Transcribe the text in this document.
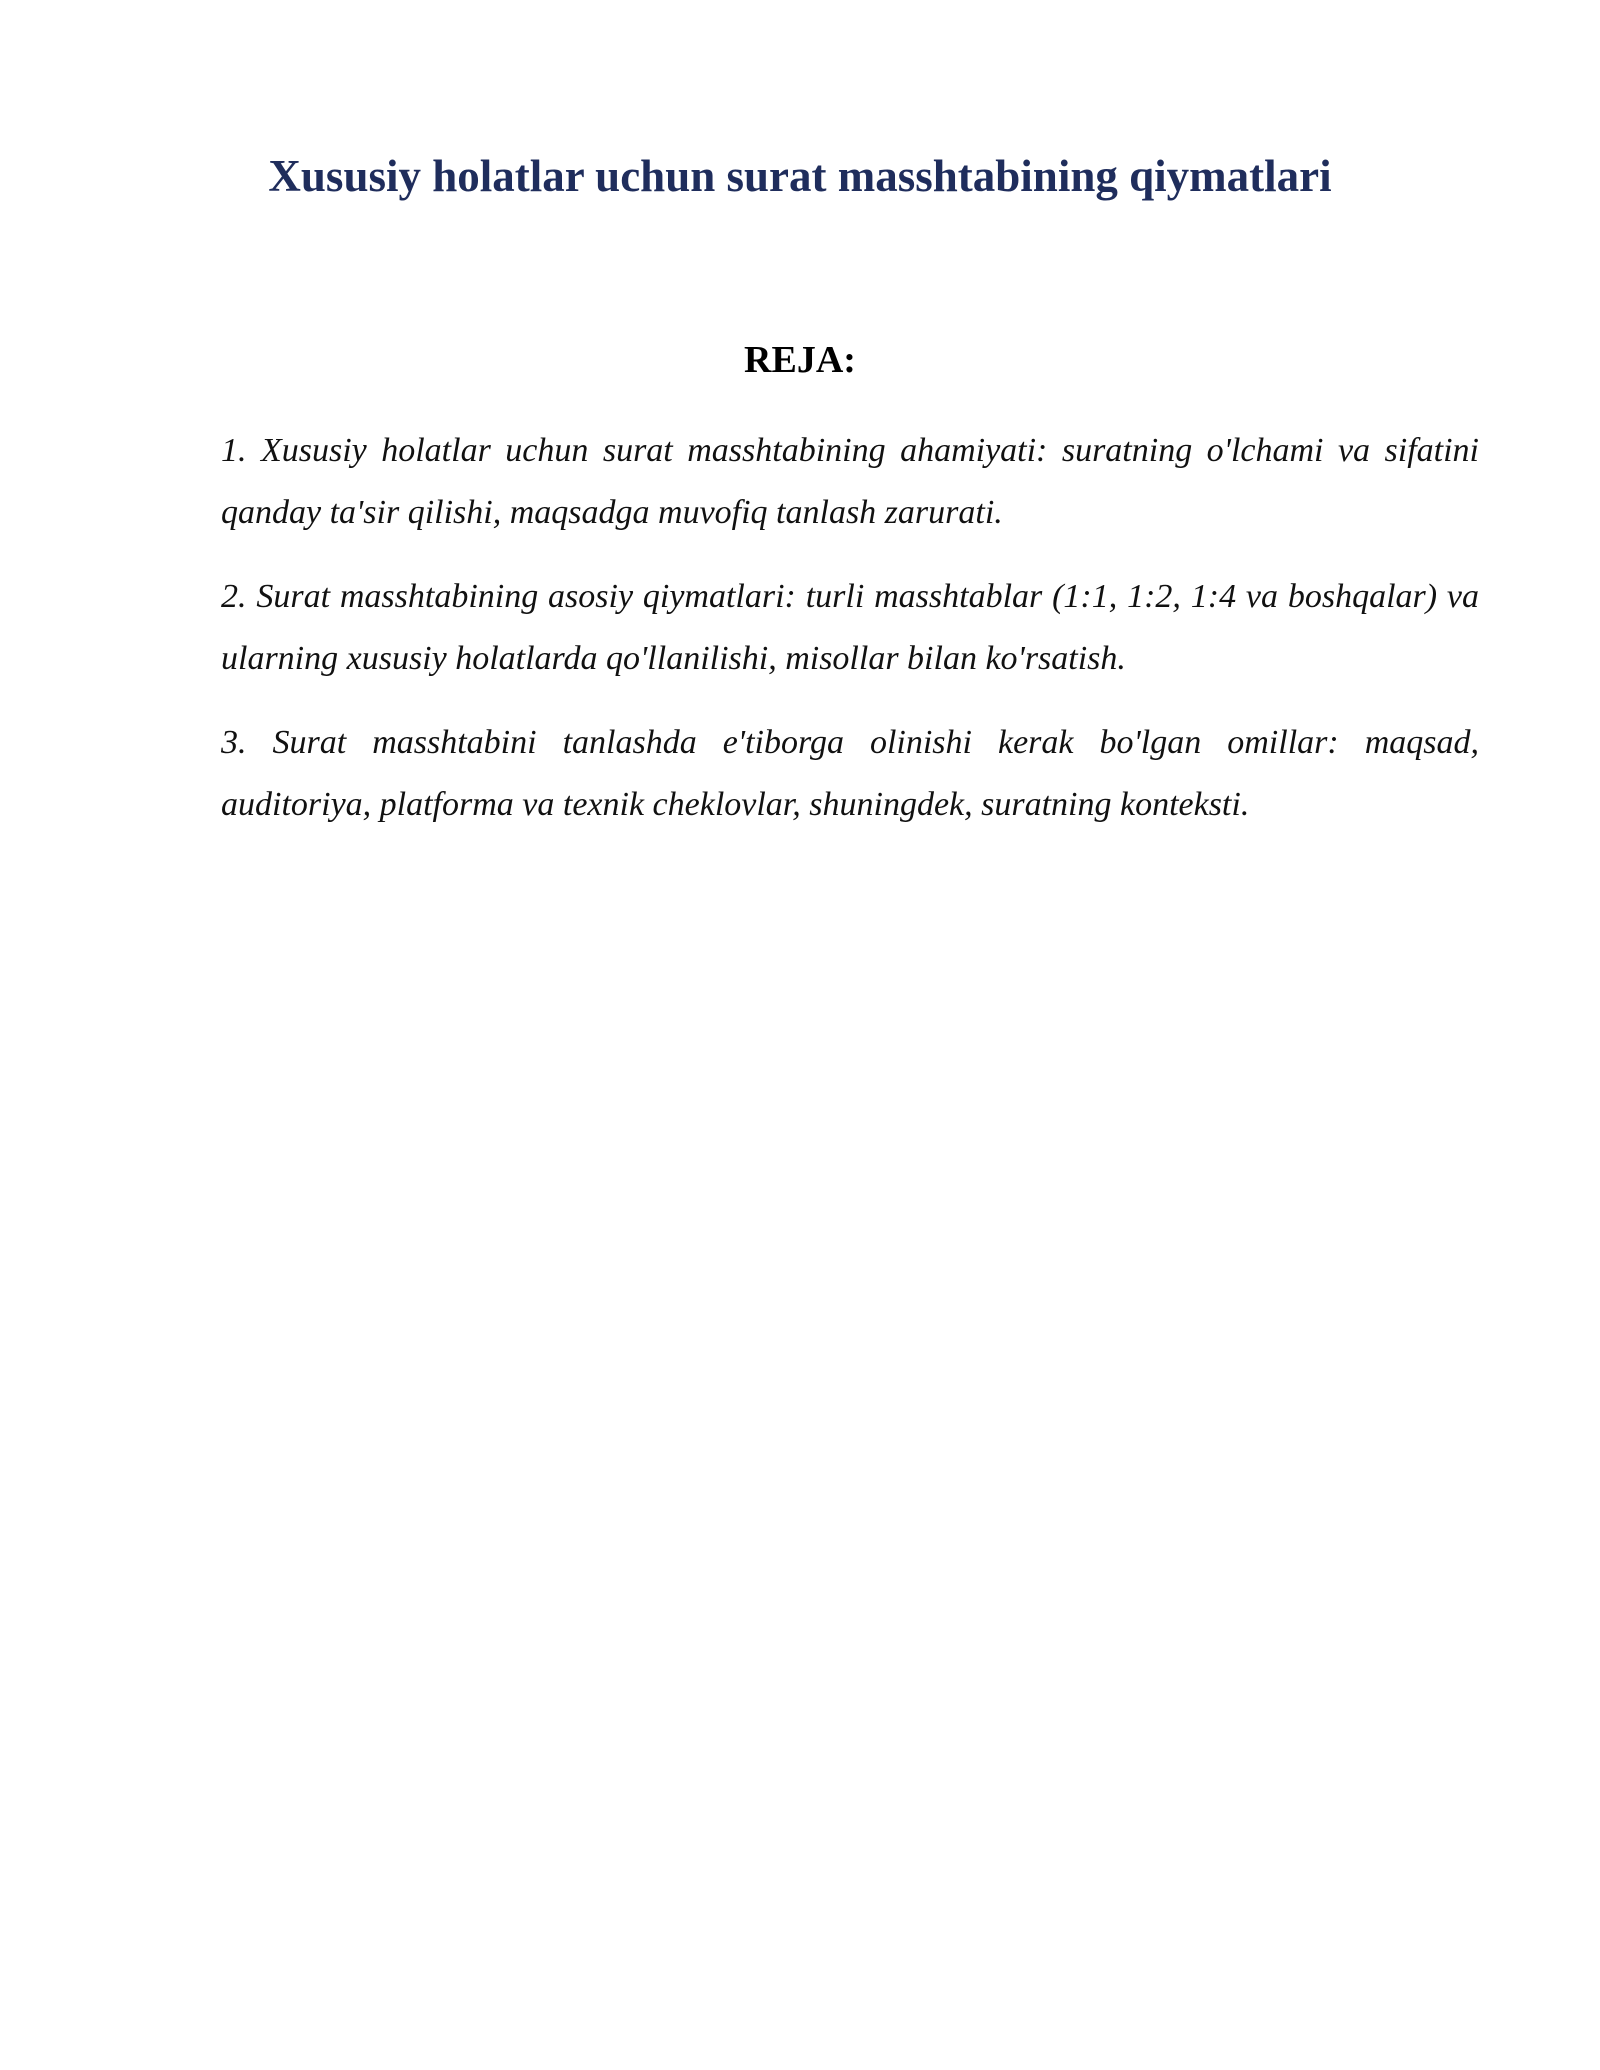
Xususiy holatlar uchun surat masshtabining qiymatlari
REJA:
1. Xususiy holatlar uchun surat masshtabining ahamiyati: suratning o'lchami va sifatini qanday ta'sir qilishi, maqsadga muvofiq tanlash zarurati.
2. Surat masshtabining asosiy qiymatlari: turli masshtablar (1:1, 1:2, 1:4 va boshqalar) va ularning xususiy holatlarda qo'llanilishi, misollar bilan ko'rsatish.
3. Surat masshtabini tanlashda e'tiborga olinishi kerak bo'lgan omillar: maqsad, auditoriya, platforma va texnik cheklovlar, shuningdek, suratning konteksti.
